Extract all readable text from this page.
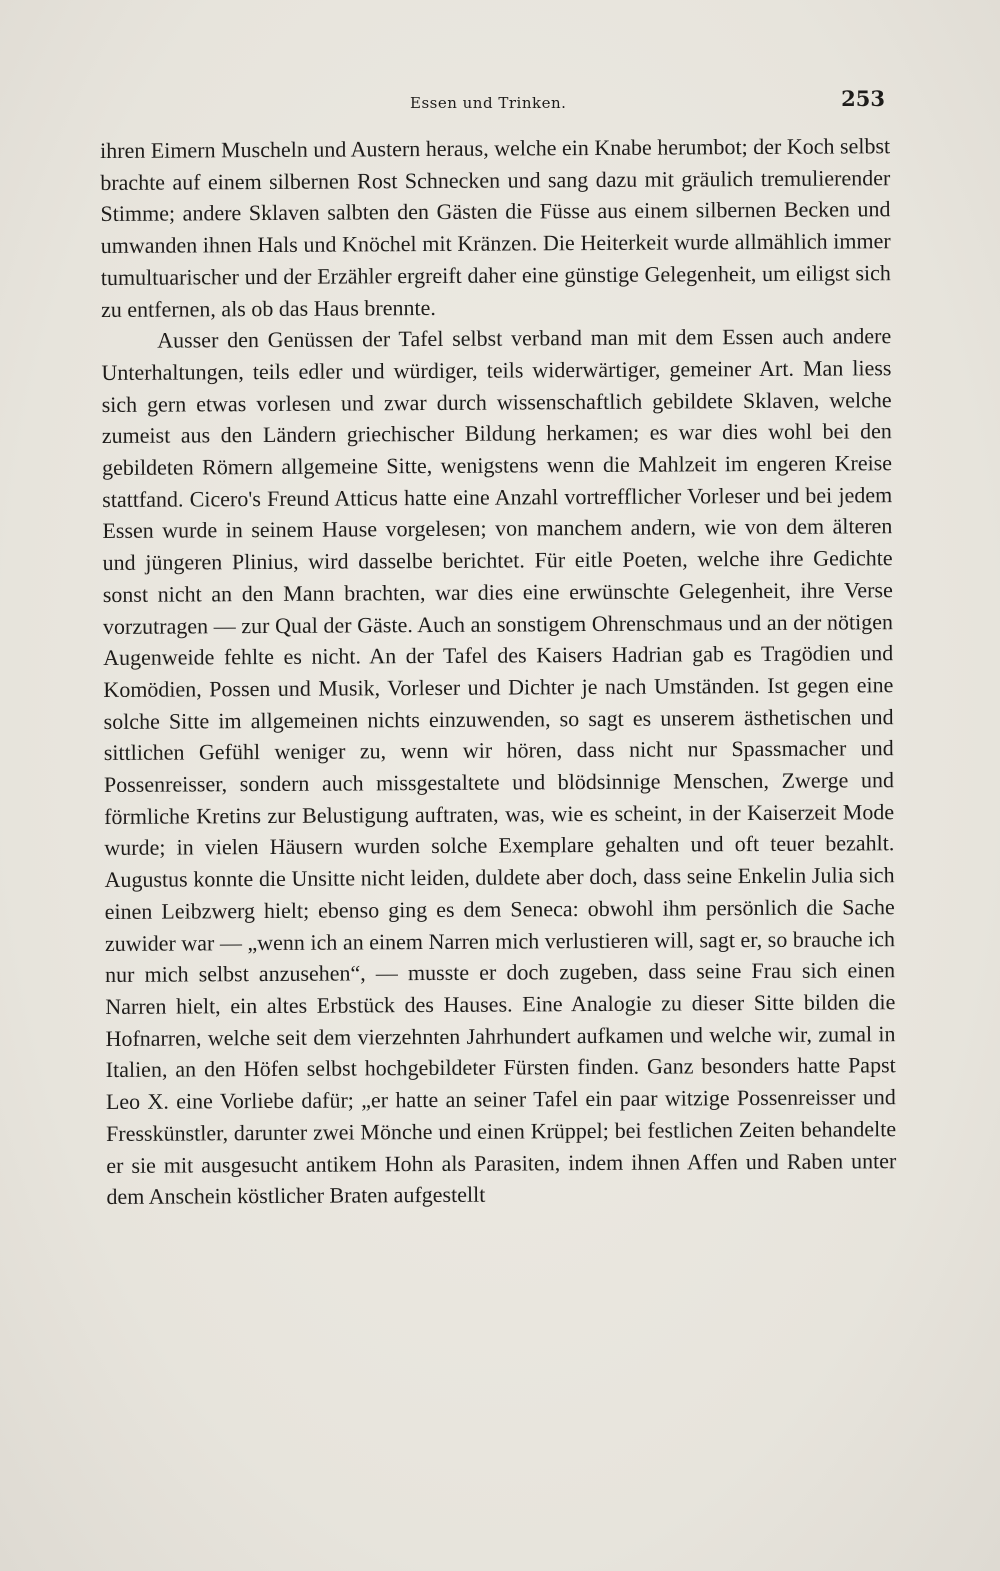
Essen und Trinken.	253

ihren Eimern Muscheln und Austern heraus, welche ein Knabe herumbot; der Koch selbst brachte auf einem silbernen Rost Schnecken und sang dazu mit gräulich tremulierender Stimme; andere Sklaven salbten den Gästen die Füsse aus einem silbernen Becken und umwanden ihnen Hals und Knöchel mit Kränzen. Die Heiterkeit wurde allmählich immer tumultuarischer und der Erzähler ergreift daher eine günstige Gelegenheit, um eiligst sich zu entfernen, als ob das Haus brennte.

Ausser den Genüssen der Tafel selbst verband man mit dem Essen auch andere Unterhaltungen, teils edler und würdiger, teils widerwärtiger, gemeiner Art. Man liess sich gern etwas vorlesen und zwar durch wissenschaftlich gebildete Sklaven, welche zumeist aus den Ländern griechischer Bildung herkamen; es war dies wohl bei den gebildeten Römern allgemeine Sitte, wenigstens wenn die Mahlzeit im engeren Kreise stattfand. Cicero's Freund Atticus hatte eine Anzahl vortrefflicher Vorleser und bei jedem Essen wurde in seinem Hause vorgelesen; von manchem andern, wie von dem älteren und jüngeren Plinius, wird dasselbe berichtet. Für eitle Poeten, welche ihre Gedichte sonst nicht an den Mann brachten, war dies eine erwünschte Gelegenheit, ihre Verse vorzutragen — zur Qual der Gäste. Auch an sonstigem Ohrenschmaus und an der nötigen Augenweide fehlte es nicht. An der Tafel des Kaisers Hadrian gab es Tragödien und Komödien, Possen und Musik, Vorleser und Dichter je nach Umständen. Ist gegen eine solche Sitte im allgemeinen nichts einzuwenden, so sagt es unserem ästhetischen und sittlichen Gefühl weniger zu, wenn wir hören, dass nicht nur Spassmacher und Possenreisser, sondern auch missgestaltete und blödsinnige Menschen, Zwerge und förmliche Kretins zur Belustigung auftraten, was, wie es scheint, in der Kaiserzeit Mode wurde; in vielen Häusern wurden solche Exemplare gehalten und oft teuer bezahlt. Augustus konnte die Unsitte nicht leiden, duldete aber doch, dass seine Enkelin Julia sich einen Leibzwerg hielt; ebenso ging es dem Seneca: obwohl ihm persönlich die Sache zuwider war — „wenn ich an einem Narren mich verlustieren will, sagt er, so brauche ich nur mich selbst anzusehen“, — musste er doch zugeben, dass seine Frau sich einen Narren hielt, ein altes Erbstück des Hauses. Eine Analogie zu dieser Sitte bilden die Hofnarren, welche seit dem vierzehnten Jahrhundert aufkamen und welche wir, zumal in Italien, an den Höfen selbst hochgebildeter Fürsten finden. Ganz besonders hatte Papst Leo X. eine Vorliebe dafür; „er hatte an seiner Tafel ein paar witzige Possenreisser und Fresskünstler, darunter zwei Mönche und einen Krüppel; bei festlichen Zeiten behandelte er sie mit ausgesucht antikem Hohn als Parasiten, indem ihnen Affen und Raben unter dem Anschein köstlicher Braten aufgestellt
